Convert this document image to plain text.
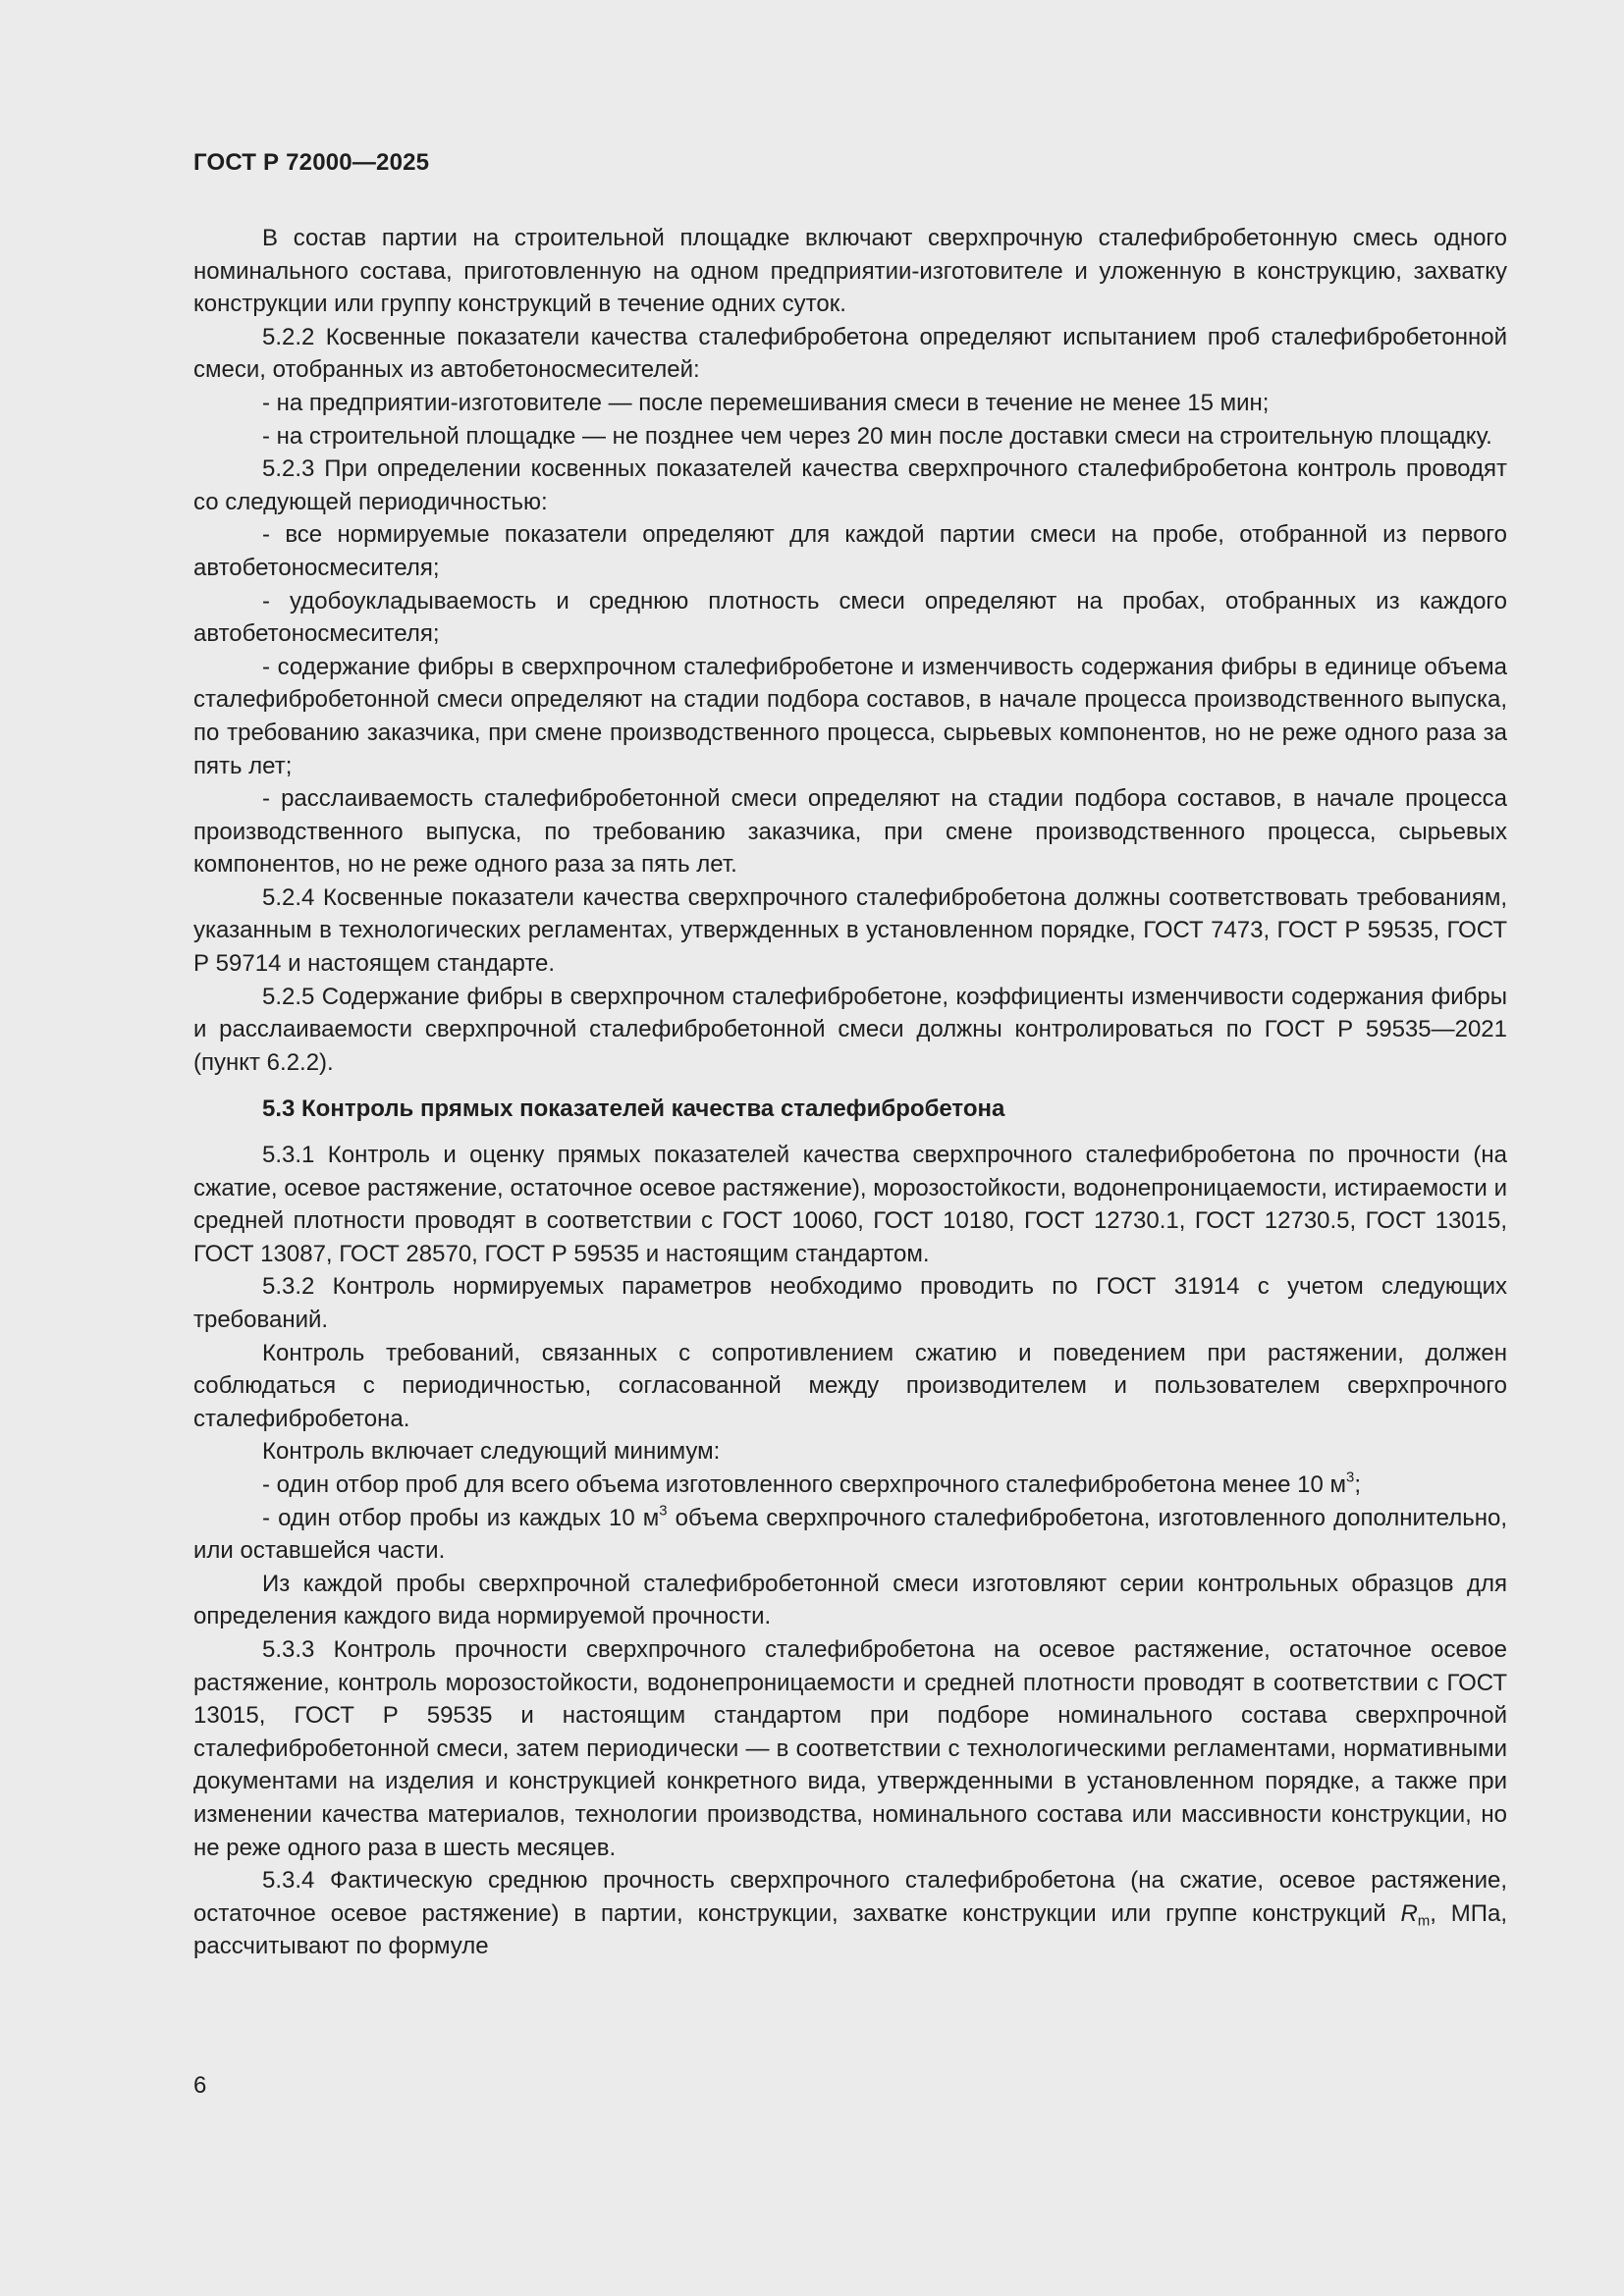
ГОСТ Р 72000—2025

В состав партии на строительной площадке включают сверхпрочную сталефибробетонную смесь одного номинального состава, приготовленную на одном предприятии-изготовителе и уложенную в конструкцию, захватку конструкции или группу конструкций в течение одних суток.

5.2.2 Косвенные показатели качества сталефибробетона определяют испытанием проб сталефибробетонной смеси, отобранных из автобетоносмесителей:

- на предприятии-изготовителе — после перемешивания смеси в течение не менее 15 мин;

- на строительной площадке — не позднее чем через 20 мин после доставки смеси на строительную площадку.

5.2.3 При определении косвенных показателей качества сверхпрочного сталефибробетона контроль проводят со следующей периодичностью:

- все нормируемые показатели определяют для каждой партии смеси на пробе, отобранной из первого автобетоносмесителя;

- удобоукладываемость и среднюю плотность смеси определяют на пробах, отобранных из каждого автобетоносмесителя;

- содержание фибры в сверхпрочном сталефибробетоне и изменчивость содержания фибры в единице объема сталефибробетонной смеси определяют на стадии подбора составов, в начале процесса производственного выпуска, по требованию заказчика, при смене производственного процесса, сырьевых компонентов, но не реже одного раза за пять лет;

- расслаиваемость сталефибробетонной смеси определяют на стадии подбора составов, в начале процесса производственного выпуска, по требованию заказчика, при смене производственного процесса, сырьевых компонентов, но не реже одного раза за пять лет.

5.2.4 Косвенные показатели качества сверхпрочного сталефибробетона должны соответствовать требованиям, указанным в технологических регламентах, утвержденных в установленном порядке, ГОСТ 7473, ГОСТ Р 59535, ГОСТ Р 59714 и настоящем стандарте.

5.2.5 Содержание фибры в сверхпрочном сталефибробетоне, коэффициенты изменчивости содержания фибры и расслаиваемости сверхпрочной сталефибробетонной смеси должны контролироваться по ГОСТ Р 59535—2021 (пункт 6.2.2).

5.3 Контроль прямых показателей качества сталефибробетона

5.3.1 Контроль и оценку прямых показателей качества сверхпрочного сталефибробетона по прочности (на сжатие, осевое растяжение, остаточное осевое растяжение), морозостойкости, водонепроницаемости, истираемости и средней плотности проводят в соответствии с ГОСТ 10060, ГОСТ 10180, ГОСТ 12730.1, ГОСТ 12730.5, ГОСТ 13015, ГОСТ 13087, ГОСТ 28570, ГОСТ Р 59535 и настоящим стандартом.

5.3.2 Контроль нормируемых параметров необходимо проводить по ГОСТ 31914 с учетом следующих требований.

Контроль требований, связанных с сопротивлением сжатию и поведением при растяжении, должен соблюдаться с периодичностью, согласованной между производителем и пользователем сверхпрочного сталефибробетона.

Контроль включает следующий минимум:

- один отбор проб для всего объема изготовленного сверхпрочного сталефибробетона менее 10 $м^3$;

- один отбор пробы из каждых 10 $м^3$ объема сверхпрочного сталефибробетона, изготовленного дополнительно, или оставшейся части.

Из каждой пробы сверхпрочной сталефибробетонной смеси изготовляют серии контрольных образцов для определения каждого вида нормируемой прочности.

5.3.3 Контроль прочности сверхпрочного сталефибробетона на осевое растяжение, остаточное осевое растяжение, контроль морозостойкости, водонепроницаемости и средней плотности проводят в соответствии с ГОСТ 13015, ГОСТ Р 59535 и настоящим стандартом при подборе номинального состава сверхпрочной сталефибробетонной смеси, затем периодически — в соответствии с технологическими регламентами, нормативными документами на изделия и конструкцией конкретного вида, утвержденными в установленном порядке, а также при изменении качества материалов, технологии производства, номинального состава или массивности конструкции, но не реже одного раза в шесть месяцев.

5.3.4 Фактическую среднюю прочность сверхпрочного сталефибробетона (на сжатие, осевое растяжение, остаточное осевое растяжение) в партии, конструкции, захватке конструкции или группе конструкций $R_m$, МПа, рассчитывают по формуле

6
